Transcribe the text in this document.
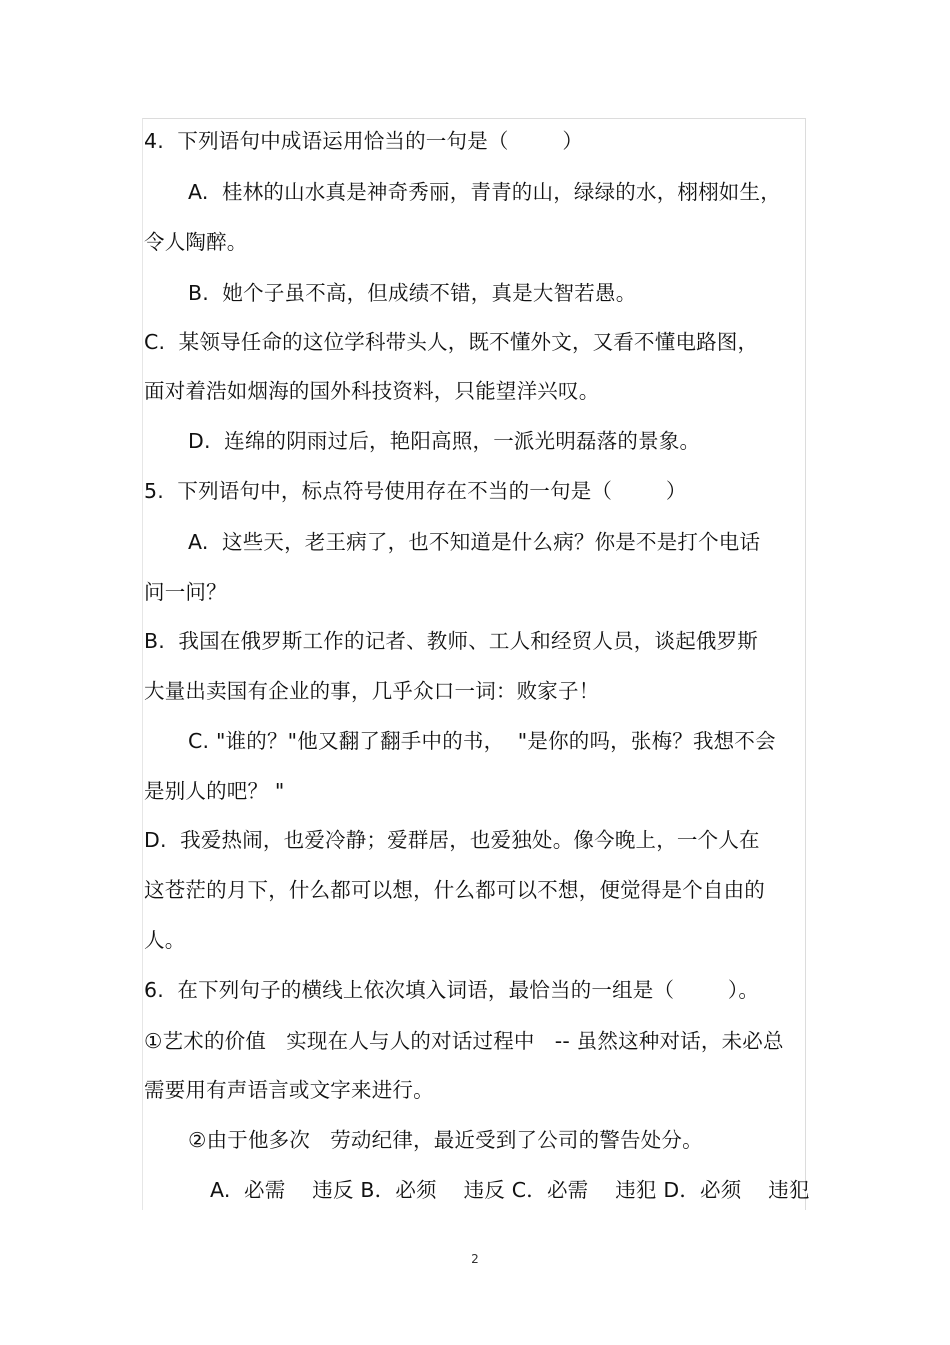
4.  下列语句中成语运用恰当的一句是（        ）
A.  桂林的山水真是神奇秀丽，青青的山，绿绿的水，栩栩如生，
令人陶醉。
B.  她个子虽不高，但成绩不错，真是大智若愚。
C.  某领导任命的这位学科带头人，既不懂外文，又看不懂电路图，
面对着浩如烟海的国外科技资料，只能望洋兴叹。
D.  连绵的阴雨过后，艳阳高照，一派光明磊落的景象。
5.  下列语句中，标点符号使用存在不当的一句是（        ）
A.  这些天，老王病了，也不知道是什么病？你是不是打个电话
问一问？
B.  我国在俄罗斯工作的记者、教师、工人和经贸人员，谈起俄罗斯
大量出卖国有企业的事，几乎众口一词：败家子！
C. "谁的？"他又翻了翻手中的书，  "是你的吗，张梅？我想不会
是别人的吧？ "
D.  我爱热闹，也爱冷静；爱群居，也爱独处。像今晚上，一个人在
这苍茫的月下，什么都可以想，什么都可以不想，便觉得是个自由的
人。
6.  在下列句子的横线上依次填入词语，最恰当的一组是（        ）。
①艺术的价值   实现在人与人的对话过程中   -- 虽然这种对话，未必总
需要用有声语言或文字来进行。
②由于他多次   劳动纪律，最近受到了公司的警告处分。
A.  必需    违反 B．必须    违反 C．必需    违犯 D．必须    违犯
2
